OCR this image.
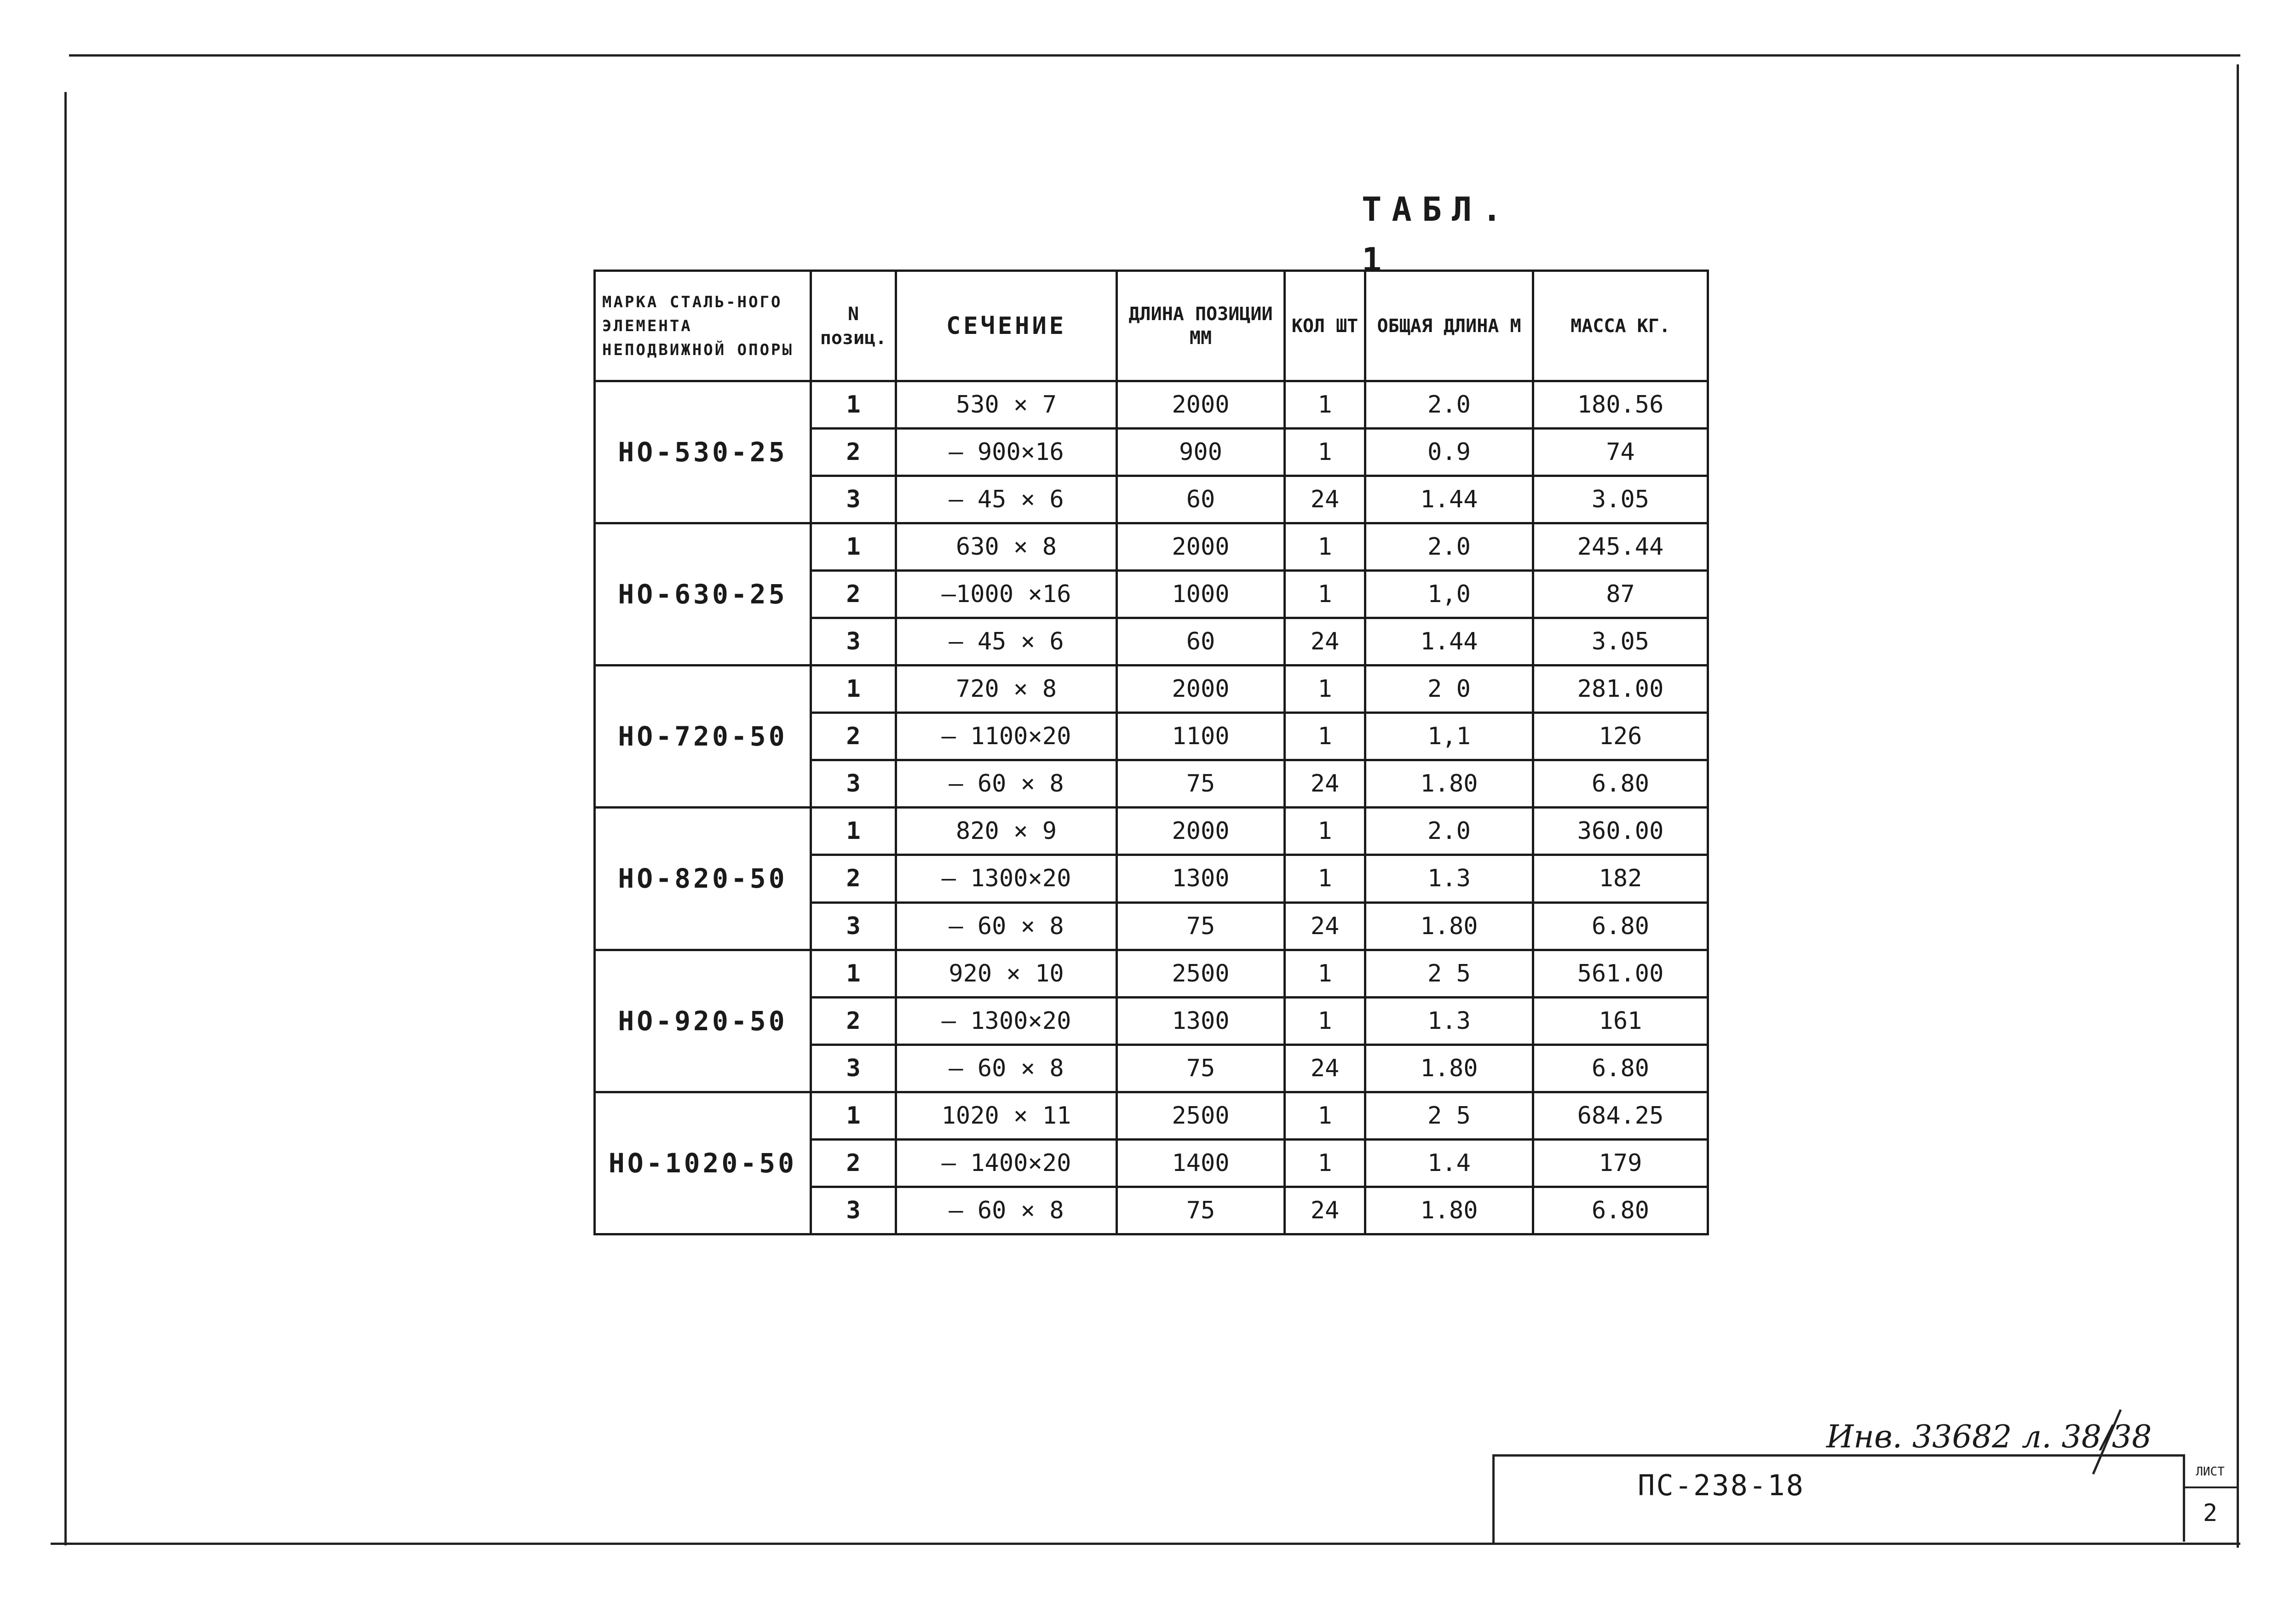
ТАБЛ. 1
МАРКА СТАЛЬ-НОГО ЭЛЕМЕНТА НЕПОДВИЖНОЙ ОПОРЫ	N позиц.	СЕЧЕНИЕ	ДЛИНА ПОЗИЦИИ ММ	КОЛ ШТ	ОБЩАЯ ДЛИНА М	МАССА КГ.
НО-530-25	1	530 × 7	2000	1	2.0	180.56
	2	– 900×16	900	1	0.9	74
	3	– 45 × 6	60	24	1.44	3.05
НО-630-25	1	630 × 8	2000	1	2.0	245.44
	2	–1000 ×16	1000	1	1,0	87
	3	– 45 × 6	60	24	1.44	3.05
НО-720-50	1	720 × 8	2000	1	2 0	281.00
	2	– 1100×20	1100	1	1,1	126
	3	– 60 × 8	75	24	1.80	6.80
НО-820-50	1	820 × 9	2000	1	2.0	360.00
	2	– 1300×20	1300	1	1.3	182
	3	– 60 × 8	75	24	1.80	6.80
НО-920-50	1	920 × 10	2500	1	2 5	561.00
	2	– 1300×20	1300	1	1.3	161
	3	– 60 × 8	75	24	1.80	6.80
НО-1020-50	1	1020 × 11	2500	1	2 5	684.25
	2	– 1400×20	1400	1	1.4	179
	3	– 60 × 8	75	24	1.80	6.80
Инв. 33682 л. 38/38
ПС-238-18	ЛИСТ
2
